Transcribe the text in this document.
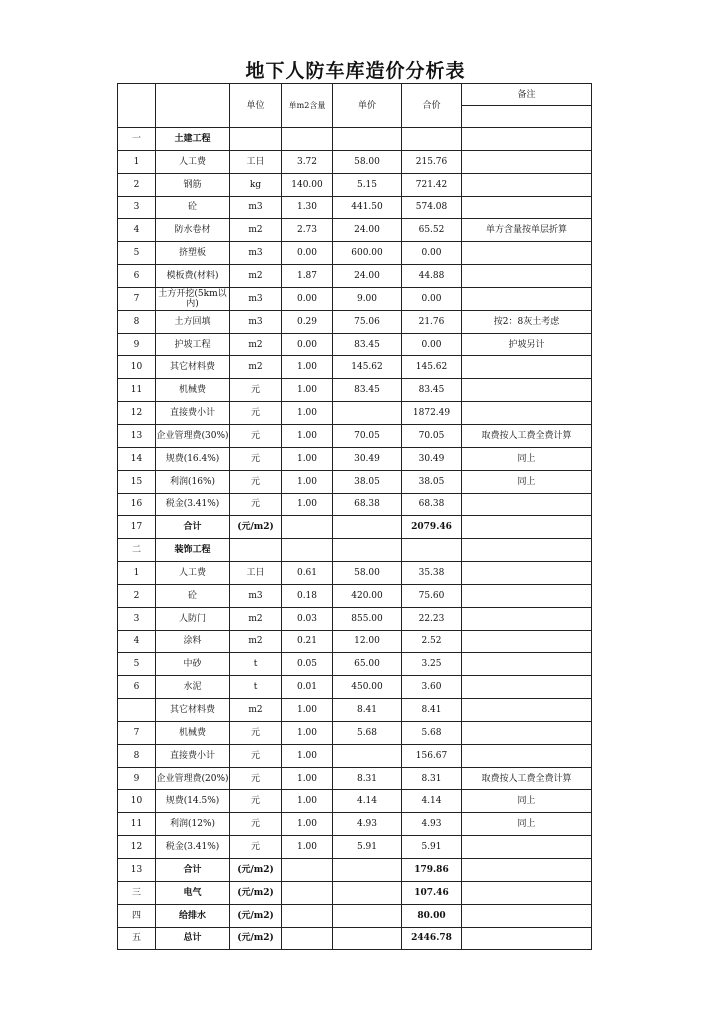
地下人防车库造价分析表
		单位	单m2含量	单价	合价	备注

一	土建工程					
1	人工费	工日	3.72	58.00	215.76	
2	钢筋	kg	140.00	5.15	721.42	
3	砼	m3	1.30	441.50	574.08	
4	防水卷材	m2	2.73	24.00	65.52	单方含量按单层折算
5	挤塑板	m3	0.00	600.00	0.00	
6	模板费(材料)	m2	1.87	24.00	44.88	
7	土方开挖(5km以内)	m3	0.00	9.00	0.00	
8	土方回填	m3	0.29	75.06	21.76	按2：8灰土考虑
9	护坡工程	m2	0.00	83.45	0.00	护坡另计
10	其它材料费	m2	1.00	145.62	145.62	
11	机械费	元	1.00	83.45	83.45	
12	直接费小计	元	1.00		1872.49	
13	企业管理费(30%)	元	1.00	70.05	70.05	取费按人工费全费计算
14	规费(16.4%)	元	1.00	30.49	30.49	同上
15	利润(16%)	元	1.00	38.05	38.05	同上
16	税金(3.41%)	元	1.00	68.38	68.38	
17	合计	(元/m2)			2079.46	
二	装饰工程					
1	人工费	工日	0.61	58.00	35.38	
2	砼	m3	0.18	420.00	75.60	
3	人防门	m2	0.03	855.00	22.23	
4	涂料	m2	0.21	12.00	2.52	
5	中砂	t	0.05	65.00	3.25	
6	水泥	t	0.01	450.00	3.60	
	其它材料费	m2	1.00	8.41	8.41	
7	机械费	元	1.00	5.68	5.68	
8	直接费小计	元	1.00		156.67	
9	企业管理费(20%)	元	1.00	8.31	8.31	取费按人工费全费计算
10	规费(14.5%)	元	1.00	4.14	4.14	同上
11	利润(12%)	元	1.00	4.93	4.93	同上
12	税金(3.41%)	元	1.00	5.91	5.91	
13	合计	(元/m2)			179.86	
三	电气	(元/m2)			107.46	
四	给排水	(元/m2)			80.00	
五	总计	(元/m2)			2446.78	
